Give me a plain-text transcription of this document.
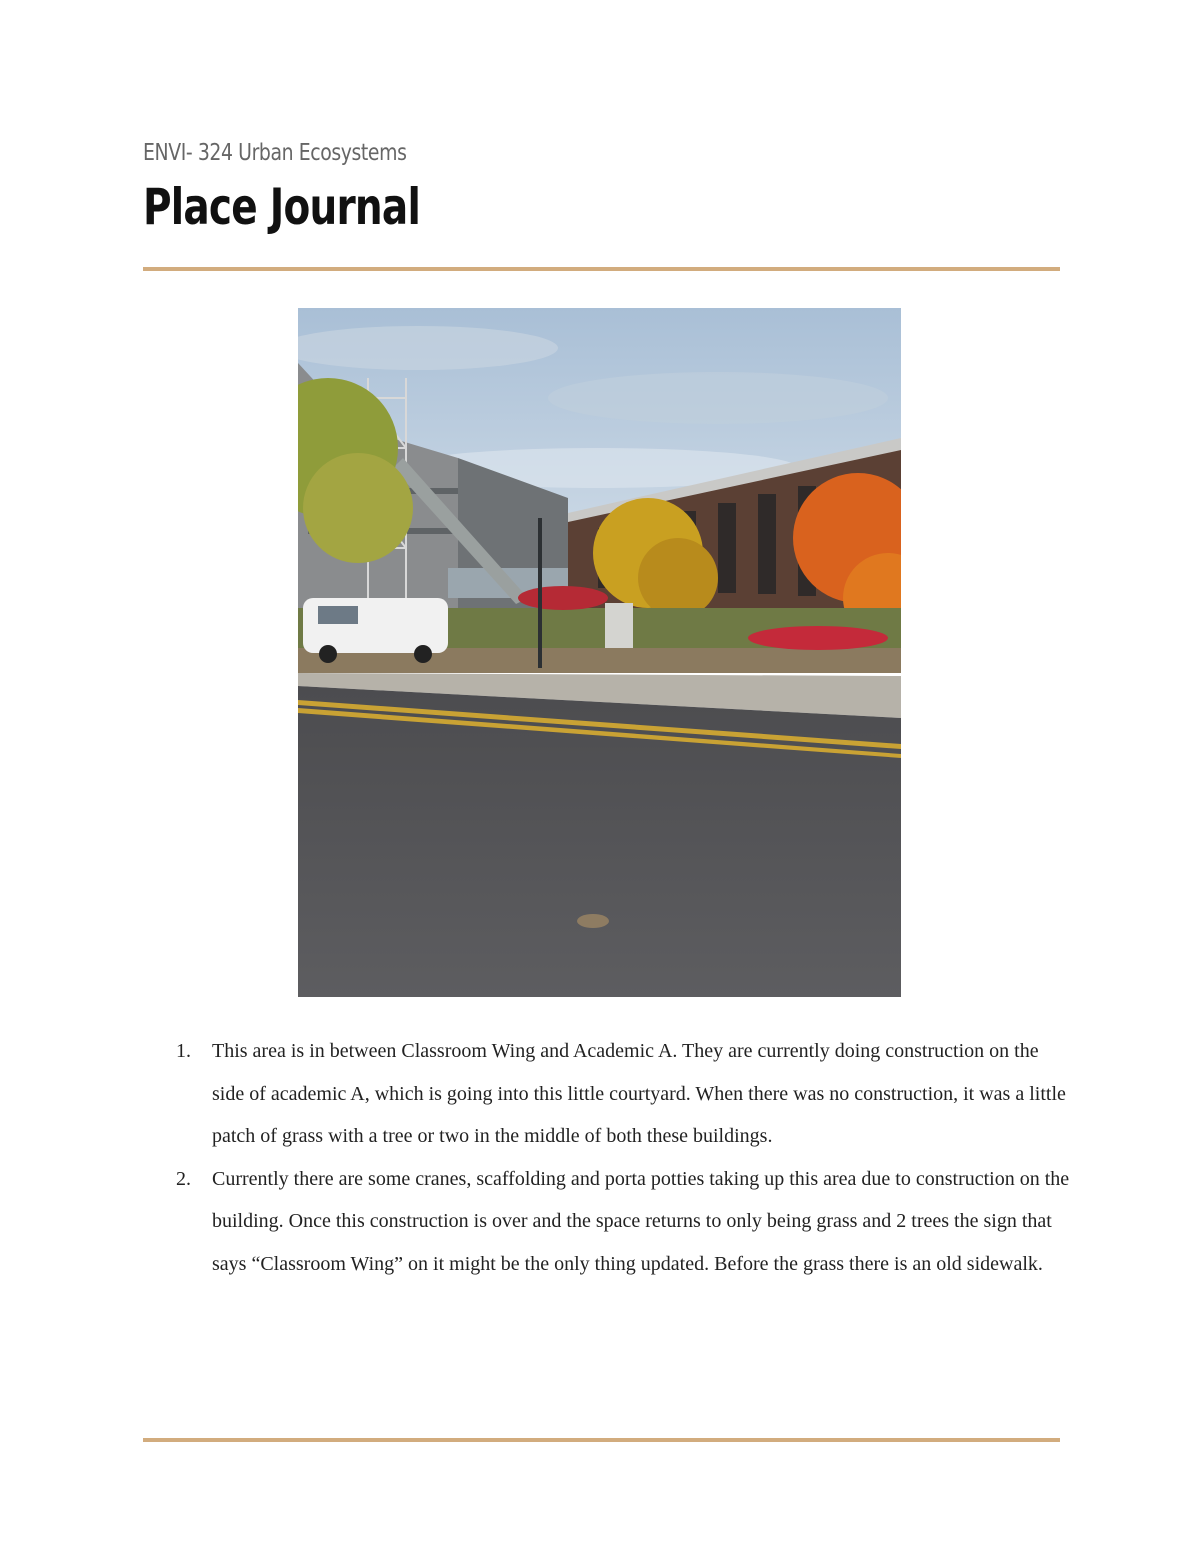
ENVI- 324 Urban Ecosystems
Place Journal
1. This area is in between Classroom Wing and Academic A. They are currently doing construction on the side of academic A, which is going into this little courtyard. When there was no construction, it was a little patch of grass with a tree or two in the middle of both these buildings.
2. Currently there are some cranes, scaffolding and porta potties taking up this area due to construction on the building. Once this construction is over and the space returns to only being grass and 2 trees the sign that says “Classroom Wing” on it might be the only thing updated. Before the grass there is an old sidewalk.
